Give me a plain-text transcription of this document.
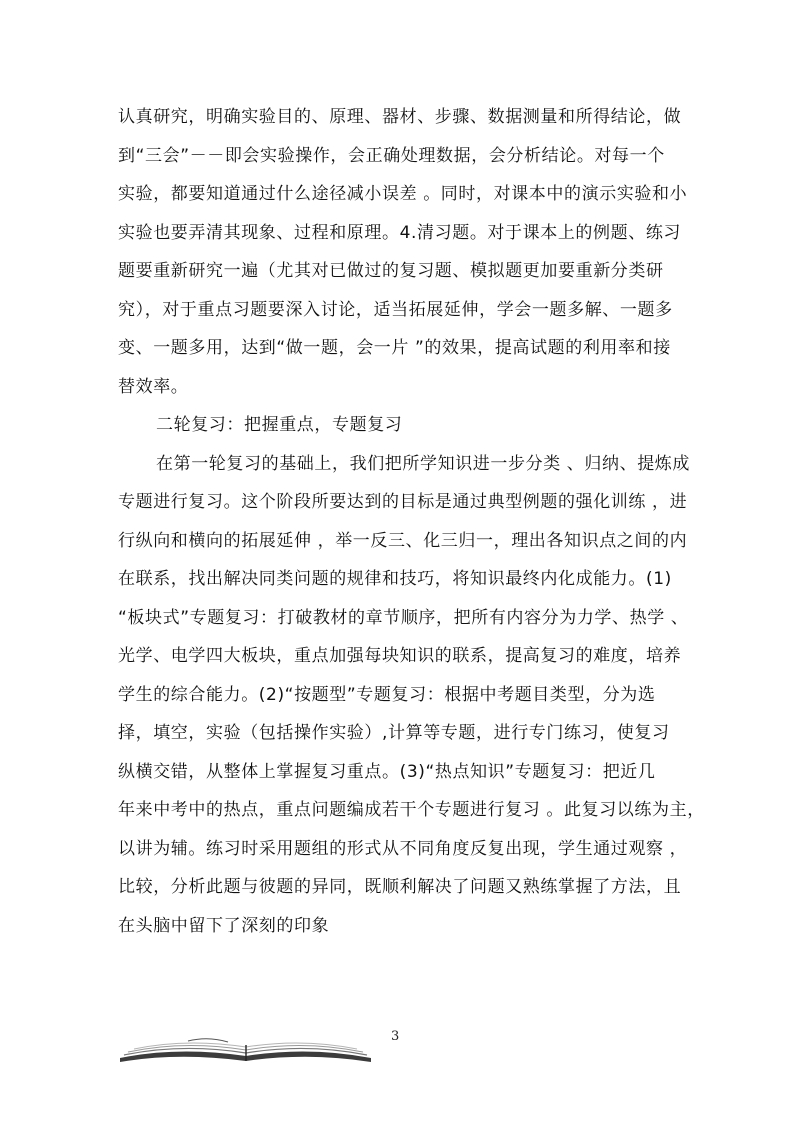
认真研究，明确实验目的、原理、器材、步骤、数据测量和所得结论，做
到“三会”－－即会实验操作，会正确处理数据，会分析结论。对每一个
实验，都要知道通过什么途径减小误差 。同时，对课本中的演示实验和小
实验也要弄清其现象、过程和原理。4.清习题。对于课本上的例题、练习
题要重新研究一遍（尤其对已做过的复习题、模拟题更加要重新分类研
究），对于重点习题要深入讨论，适当拓展延伸，学会一题多解、一题多
变、一题多用，达到“做一题，会一片 ”的效果，提高试题的利用率和接
替效率。

二轮复习：把握重点，专题复习

在第一轮复习的基础上，我们把所学知识进一步分类 、归纳、提炼成
专题进行复习。这个阶段所要达到的目标是通过典型例题的强化训练 ，进
行纵向和横向的拓展延伸 ，举一反三、化三归一，理出各知识点之间的内
在联系，找出解决同类问题的规律和技巧，将知识最终内化成能力。(1)
“板块式”专题复习：打破教材的章节顺序，把所有内容分为力学、热学 、
光学、电学四大板块，重点加强每块知识的联系，提高复习的难度，培养
学生的综合能力。(2)“按题型”专题复习：根据中考题目类型，分为选
择，填空，实验（包括操作实验）,计算等专题，进行专门练习，使复习
纵横交错，从整体上掌握复习重点。(3)“热点知识”专题复习：把近几
年来中考中的热点，重点问题编成若干个专题进行复习 。此复习以练为主，
以讲为辅。练习时采用题组的形式从不同角度反复出现，学生通过观察 ，
比较，分析此题与彼题的异同，既顺利解决了问题又熟练掌握了方法，且
在头脑中留下了深刻的印象

3
